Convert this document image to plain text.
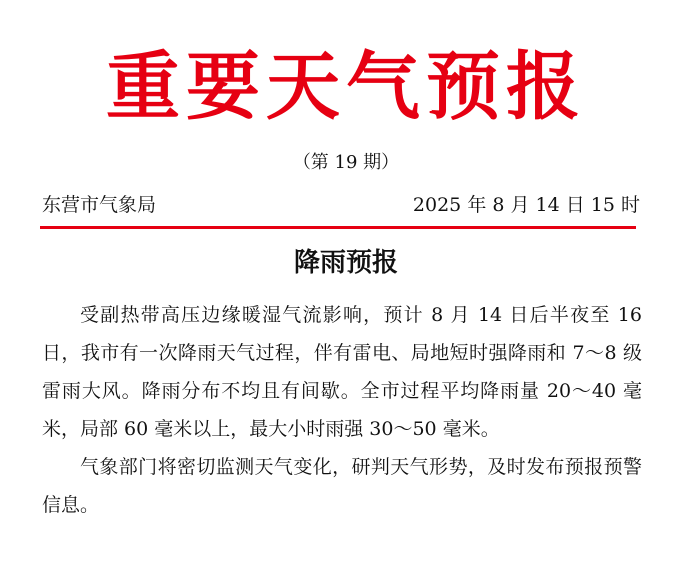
重要天气预报
（第 19 期）
东营市气象局	2025 年 8 月 14 日 15 时
降雨预报

受副热带高压边缘暖湿气流影响，预计 8 月 14 日后半夜至 16 日，我市有一次降雨天气过程，伴有雷电、局地短时强降雨和 7～8 级雷雨大风。降雨分布不均且有间歇。全市过程平均降雨量 20～40 毫米，局部 60 毫米以上，最大小时雨强 30～50 毫米。

气象部门将密切监测天气变化，研判天气形势，及时发布预报预警信息。
